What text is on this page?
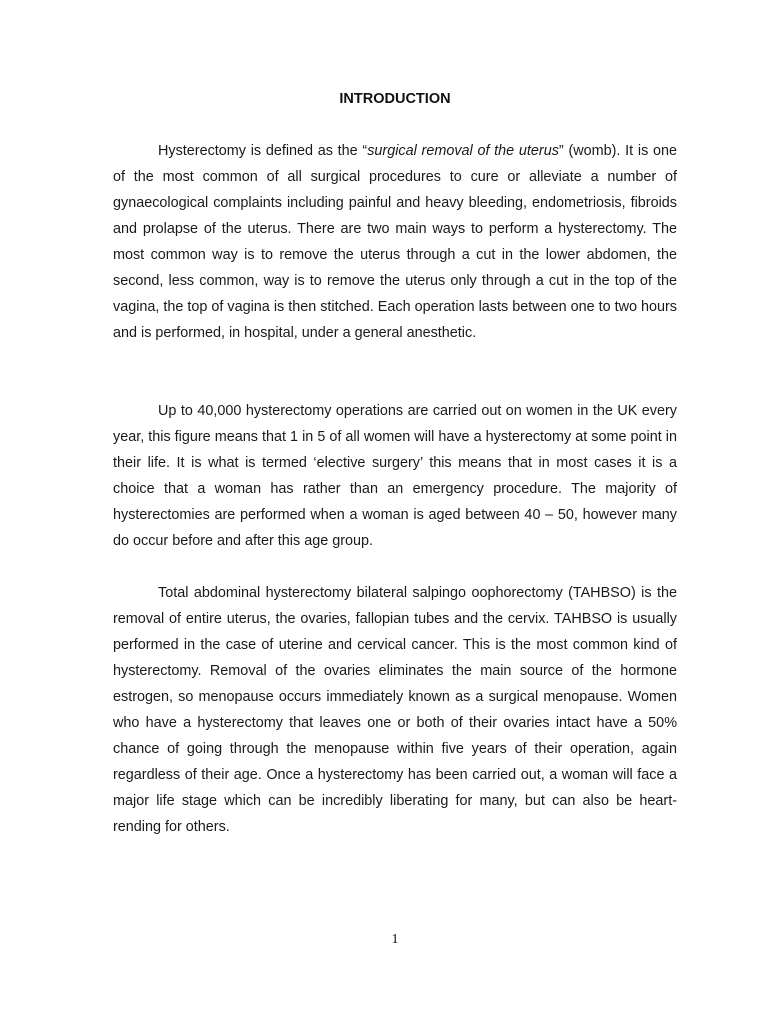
INTRODUCTION

Hysterectomy is defined as the “surgical removal of the uterus” (womb). It is one of the most common of all surgical procedures to cure or alleviate a number of gynaecological complaints including painful and heavy bleeding, endometriosis, fibroids and prolapse of the uterus. There are two main ways to perform a hysterectomy. The most common way is to remove the uterus through a cut in the lower abdomen, the second, less common, way is to remove the uterus only through a cut in the top of the vagina, the top of vagina is then stitched. Each operation lasts between one to two hours and is performed, in hospital, under a general anesthetic.

Up to 40,000 hysterectomy operations are carried out on women in the UK every year, this figure means that 1 in 5 of all women will have a hysterectomy at some point in their life. It is what is termed ‘elective surgery’ this means that in most cases it is a choice that a woman has rather than an emergency procedure. The majority of hysterectomies are performed when a woman is aged between 40 – 50, however many do occur before and after this age group.

Total abdominal hysterectomy bilateral salpingo oophorectomy (TAHBSO) is the removal of entire uterus, the ovaries, fallopian tubes and the cervix. TAHBSO is usually performed in the case of uterine and cervical cancer. This is the most common kind of hysterectomy. Removal of the ovaries eliminates the main source of the hormone estrogen, so menopause occurs immediately known as a surgical menopause. Women who have a hysterectomy that leaves one or both of their ovaries intact have a 50% chance of going through the menopause within five years of their operation, again regardless of their age. Once a hysterectomy has been carried out, a woman will face a major life stage which can be incredibly liberating for many, but can also be heart-rending for others.

1
